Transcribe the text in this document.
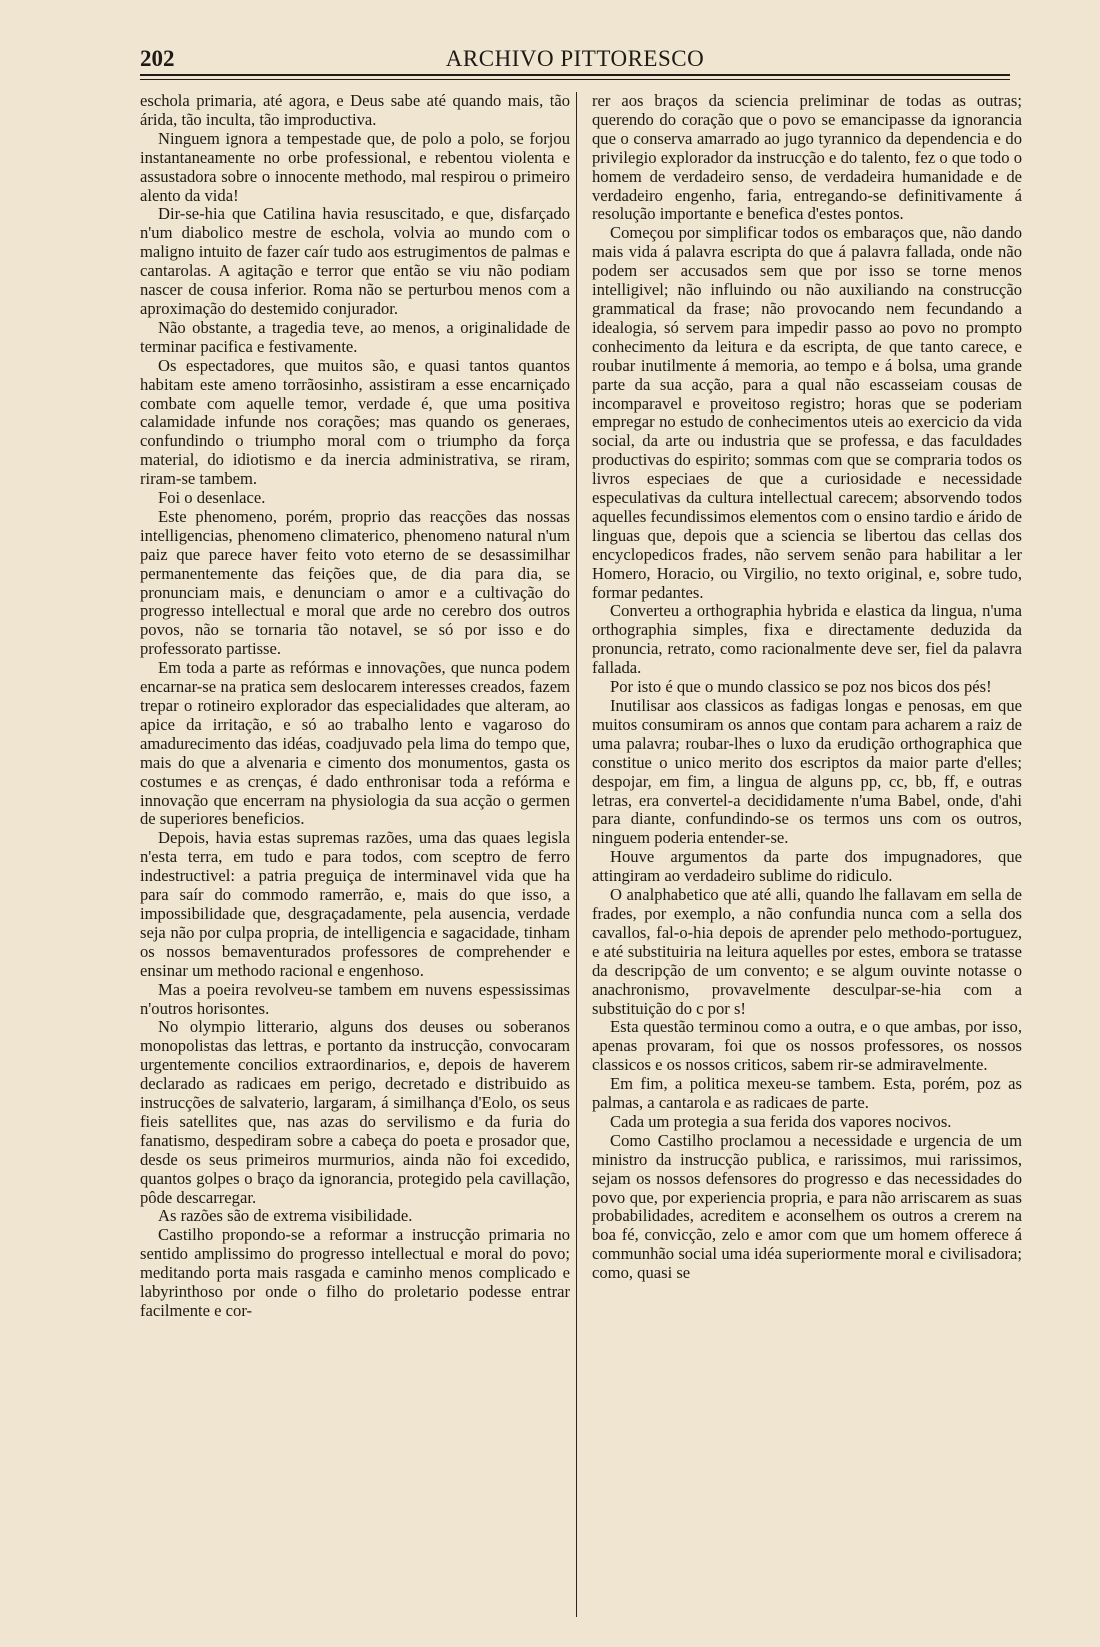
202	ARCHIVO PITTORESCO

eschola primaria, até agora, e Deus sabe até quando mais, tão árida, tão inculta, tão improductiva.

Ninguem ignora a tempestade que, de polo a polo, se forjou instantaneamente no orbe professional, e rebentou violenta e assustadora sobre o innocente methodo, mal respirou o primeiro alento da vida!

Dir-se-hia que Catilina havia resuscitado, e que, disfarçado n'um diabolico mestre de eschola, volvia ao mundo com o maligno intuito de fazer caír tudo aos estrugimentos de palmas e cantarolas. A agitação e terror que então se viu não podiam nascer de cousa inferior. Roma não se perturbou menos com a aproximação do destemido conjurador.

Não obstante, a tragedia teve, ao menos, a originalidade de terminar pacifica e festivamente.

Os espectadores, que muitos são, e quasi tantos quantos habitam este ameno torrãosinho, assistiram a esse encarniçado combate com aquelle temor, verdade é, que uma positiva calamidade infunde nos corações; mas quando os generaes, confundindo o triumpho moral com o triumpho da força material, do idiotismo e da inercia administrativa, se riram, riram-se tambem.

Foi o desenlace.

Este phenomeno, porém, proprio das reacções das nossas intelligencias, phenomeno climaterico, phenomeno natural n'um paiz que parece haver feito voto eterno de se desassimilhar permanentemente das feições que, de dia para dia, se pronunciam mais, e denunciam o amor e a cultivação do progresso intellectual e moral que arde no cerebro dos outros povos, não se tornaria tão notavel, se só por isso e do professorato partisse.

Em toda a parte as refórmas e innovações, que nunca podem encarnar-se na pratica sem deslocarem interesses creados, fazem trepar o rotineiro explorador das especialidades que alteram, ao apice da irritação, e só ao trabalho lento e vagaroso do amadurecimento das idéas, coadjuvado pela lima do tempo que, mais do que a alvenaria e cimento dos monumentos, gasta os costumes e as crenças, é dado enthronisar toda a refórma e innovação que encerram na physiologia da sua acção o germen de superiores beneficios.

Depois, havia estas supremas razões, uma das quaes legisla n'esta terra, em tudo e para todos, com sceptro de ferro indestructivel: a patria preguiça de interminavel vida que ha para saír do commodo ramerrão, e, mais do que isso, a impossibilidade que, desgraçadamente, pela ausencia, verdade seja não por culpa propria, de intelligencia e sagacidade, tinham os nossos bemaventurados professores de comprehender e ensinar um methodo racional e engenhoso.

Mas a poeira revolveu-se tambem em nuvens espessissimas n'outros horisontes.

No olympio litterario, alguns dos deuses ou soberanos monopolistas das lettras, e portanto da instrucção, convocaram urgentemente concilios extraordinarios, e, depois de haverem declarado as radicaes em perigo, decretado e distribuido as instrucções de salvaterio, largaram, á similhança d'Eolo, os seus fieis satellites que, nas azas do servilismo e da furia do fanatismo, despediram sobre a cabeça do poeta e prosador que, desde os seus primeiros murmurios, ainda não foi excedido, quantos golpes o braço da ignorancia, protegido pela cavillação, pôde descarregar.

As razões são de extrema visibilidade.

Castilho propondo-se a reformar a instrucção primaria no sentido amplissimo do progresso intellectual e moral do povo; meditando porta mais rasgada e caminho menos complicado e labyrinthoso por onde o filho do proletario podesse entrar facilmente e cor-

rer aos braços da sciencia preliminar de todas as outras; querendo do coração que o povo se emancipasse da ignorancia que o conserva amarrado ao jugo tyrannico da dependencia e do privilegio explorador da instrucção e do talento, fez o que todo o homem de verdadeiro senso, de verdadeira humanidade e de verdadeiro engenho, faria, entregando-se definitivamente á resolução importante e benefica d'estes pontos.

Começou por simplificar todos os embaraços que, não dando mais vida á palavra escripta do que á palavra fallada, onde não podem ser accusados sem que por isso se torne menos intelligivel; não influindo ou não auxiliando na construcção grammatical da frase; não provocando nem fecundando a idealogia, só servem para impedir passo ao povo no prompto conhecimento da leitura e da escripta, de que tanto carece, e roubar inutilmente á memoria, ao tempo e á bolsa, uma grande parte da sua acção, para a qual não escasseiam cousas de incomparavel e proveitoso registro; horas que se poderiam empregar no estudo de conhecimentos uteis ao exercicio da vida social, da arte ou industria que se professa, e das faculdades productivas do espirito; sommas com que se compraria todos os livros especiaes de que a curiosidade e necessidade especulativas da cultura intellectual carecem; absorvendo todos aquelles fecundissimos elementos com o ensino tardio e árido de linguas que, depois que a sciencia se libertou das cellas dos encyclopedicos frades, não servem senão para habilitar a ler Homero, Horacio, ou Virgilio, no texto original, e, sobre tudo, formar pedantes.

Converteu a orthographia hybrida e elastica da lingua, n'uma orthographia simples, fixa e directamente deduzida da pronuncia, retrato, como racionalmente deve ser, fiel da palavra fallada.

Por isto é que o mundo classico se poz nos bicos dos pés!

Inutilisar aos classicos as fadigas longas e penosas, em que muitos consumiram os annos que contam para acharem a raiz de uma palavra; roubar-lhes o luxo da erudição orthographica que constitue o unico merito dos escriptos da maior parte d'elles; despojar, em fim, a lingua de alguns pp, cc, bb, ff, e outras letras, era convertel-a decididamente n'uma Babel, onde, d'ahi para diante, confundindo-se os termos uns com os outros, ninguem poderia entender-se.

Houve argumentos da parte dos impugnadores, que attingiram ao verdadeiro sublime do ridiculo.

O analphabetico que até alli, quando lhe fallavam em sella de frades, por exemplo, a não confundia nunca com a sella dos cavallos, fal-o-hia depois de aprender pelo methodo-portuguez, e até substituiria na leitura aquelles por estes, embora se tratasse da descripção de um convento; e se algum ouvinte notasse o anachronismo, provavelmente desculpar-se-hia com a substituição do c por s!

Esta questão terminou como a outra, e o que ambas, por isso, apenas provaram, foi que os nossos professores, os nossos classicos e os nossos criticos, sabem rir-se admiravelmente.

Em fim, a politica mexeu-se tambem. Esta, porém, poz as palmas, a cantarola e as radicaes de parte.

Cada um protegia a sua ferida dos vapores nocivos.

Como Castilho proclamou a necessidade e urgencia de um ministro da instrucção publica, e rarissimos, mui rarissimos, sejam os nossos defensores do progresso e das necessidades do povo que, por experiencia propria, e para não arriscarem as suas probabilidades, acreditem e aconselhem os outros a crerem na boa fé, convicção, zelo e amor com que um homem offerece á communhão social uma idéa superiormente moral e civilisadora; como, quasi se
